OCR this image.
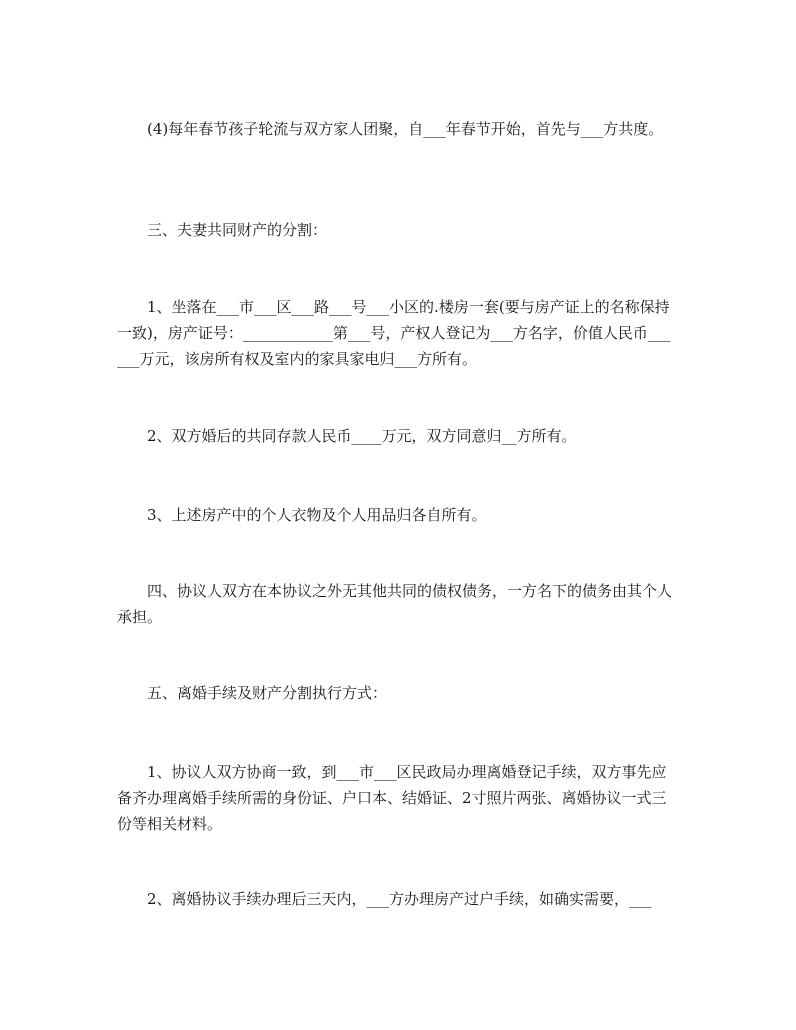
(4)每年春节孩子轮流与双方家人团聚，自___年春节开始，首先与___方共度。

三、夫妻共同财产的分割：

1、坐落在___市___区___路___号___小区的.楼房一套(要与房产证上的名称保持一致)，房产证号：____________第___号，产权人登记为___方名字，价值人民币______万元，该房所有权及室内的家具家电归___方所有。

2、双方婚后的共同存款人民币____万元，双方同意归__方所有。

3、上述房产中的个人衣物及个人用品归各自所有。

四、协议人双方在本协议之外无其他共同的债权债务，一方名下的债务由其个人承担。

五、离婚手续及财产分割执行方式：

1、协议人双方协商一致，到___市___区民政局办理离婚登记手续，双方事先应备齐办理离婚手续所需的身份证、户口本、结婚证、2寸照片两张、离婚协议一式三份等相关材料。

2、离婚协议手续办理后三天内，___方办理房产过户手续，如确实需要，___
